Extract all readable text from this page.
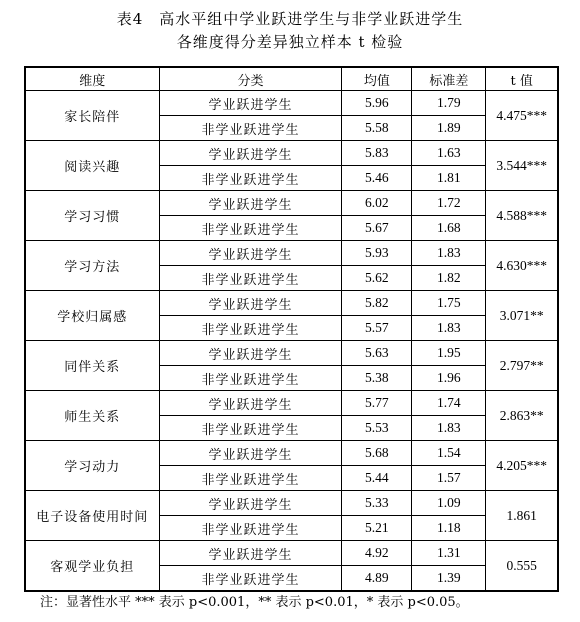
表4　高水平组中学业跃进学生与非学业跃进学生
各维度得分差异独立样本 t 检验
维度	分类	均值	标准差	t 值
家长陪伴	学业跃进学生	5.96	1.79	4.475***
	非学业跃进学生	5.58	1.89	
阅读兴趣	学业跃进学生	5.83	1.63	3.544***
	非学业跃进学生	5.46	1.81	
学习习惯	学业跃进学生	6.02	1.72	4.588***
	非学业跃进学生	5.67	1.68	
学习方法	学业跃进学生	5.93	1.83	4.630***
	非学业跃进学生	5.62	1.82	
学校归属感	学业跃进学生	5.82	1.75	3.071**
	非学业跃进学生	5.57	1.83	
同伴关系	学业跃进学生	5.63	1.95	2.797**
	非学业跃进学生	5.38	1.96	
师生关系	学业跃进学生	5.77	1.74	2.863**
	非学业跃进学生	5.53	1.83	
学习动力	学业跃进学生	5.68	1.54	4.205***
	非学业跃进学生	5.44	1.57	
电子设备使用时间	学业跃进学生	5.33	1.09	1.861
	非学业跃进学生	5.21	1.18	
客观学业负担	学业跃进学生	4.92	1.31	0.555
	非学业跃进学生	4.89	1.39	
注：显著性水平 *** 表示 p<0.001，** 表示 p<0.01，* 表示 p<0.05。
